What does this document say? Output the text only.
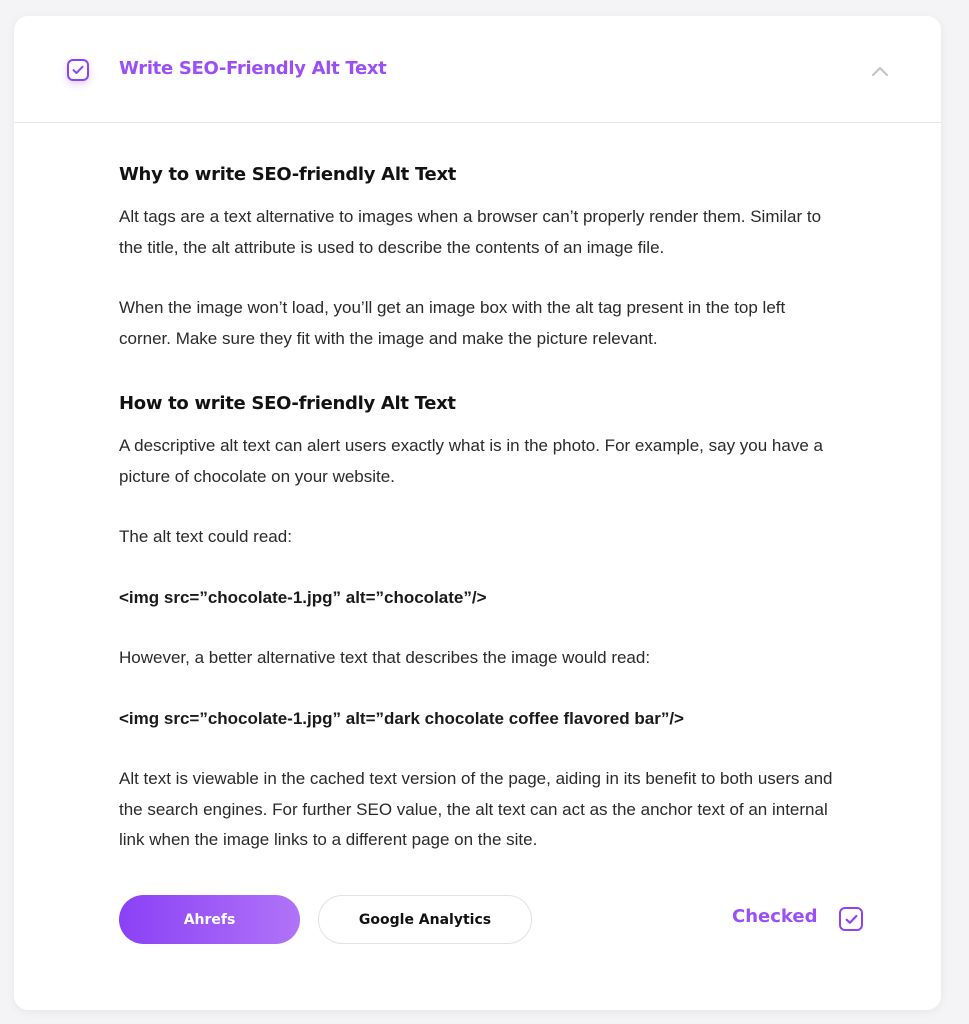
Write SEO-Friendly Alt Text
Why to write SEO-friendly Alt Text

Alt tags are a text alternative to images when a browser can’t properly render them. Similar to the title, the alt attribute is used to describe the contents of an image file.

When the image won’t load, you’ll get an image box with the alt tag present in the top left corner. Make sure they fit with the image and make the picture relevant.

How to write SEO-friendly Alt Text

A descriptive alt text can alert users exactly what is in the photo. For example, say you have a picture of chocolate on your website.

The alt text could read:

<img src=”chocolate-1.jpg” alt=”chocolate”/>

However, a better alternative text that describes the image would read:

<img src=”chocolate-1.jpg” alt=”dark chocolate coffee flavored bar”/>

Alt text is viewable in the cached text version of the page, aiding in its benefit to both users and the search engines. For further SEO value, the alt text can act as the anchor text of an internal link when the image links to a different page on the site.

Ahrefs	Google Analytics	Checked
